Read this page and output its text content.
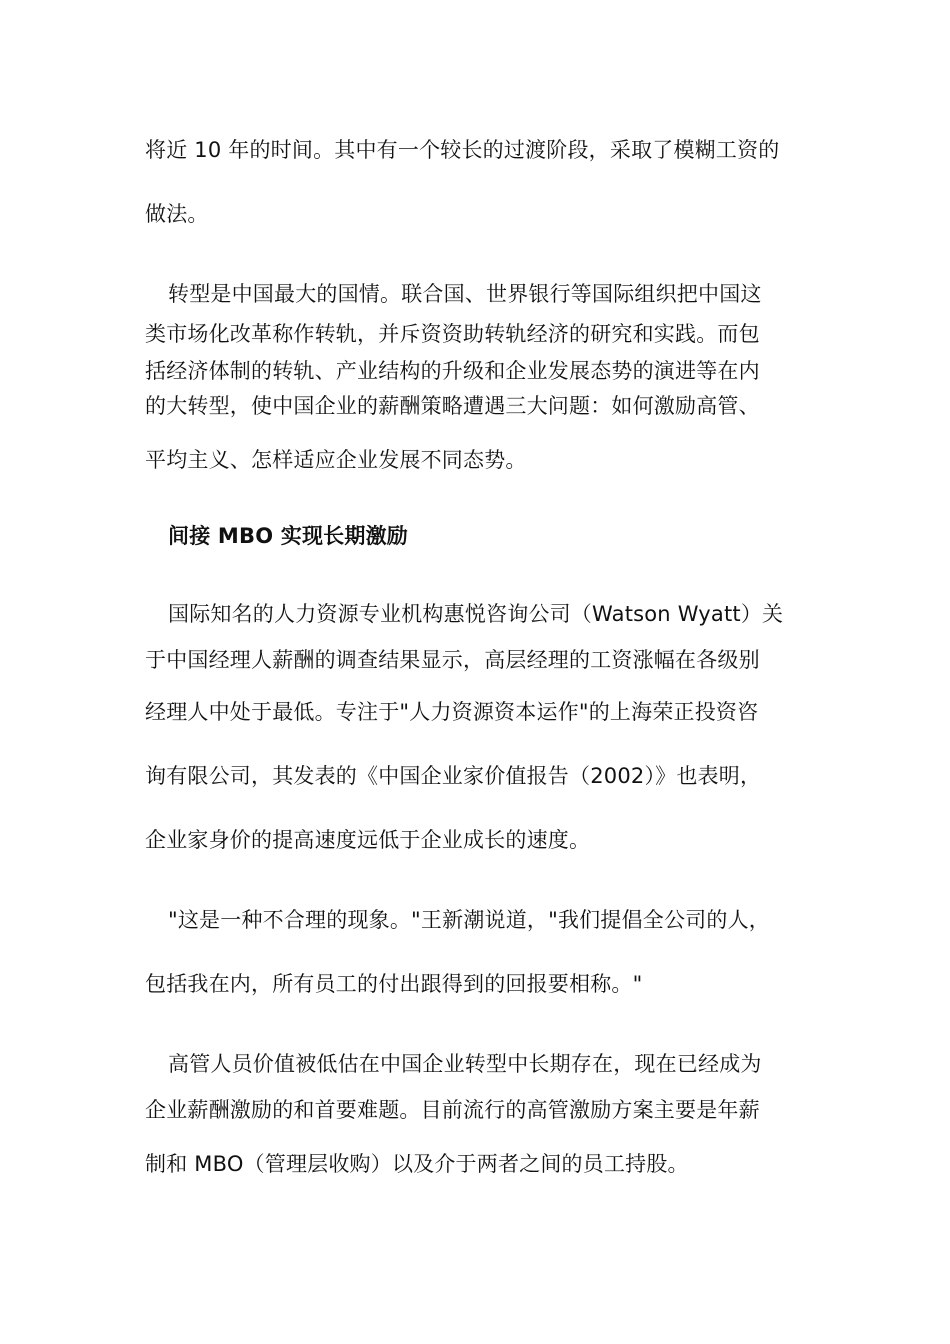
将近 10 年的时间。其中有一个较长的过渡阶段，采取了模糊工资的
做法。
转型是中国最大的国情。联合国、世界银行等国际组织把中国这
类市场化改革称作转轨，并斥资资助转轨经济的研究和实践。而包
括经济体制的转轨、产业结构的升级和企业发展态势的演进等在内
的大转型，使中国企业的薪酬策略遭遇三大问题：如何激励高管、
平均主义、怎样适应企业发展不同态势。
间接 MBO 实现长期激励
国际知名的人力资源专业机构惠悦咨询公司（Watson Wyatt）关
于中国经理人薪酬的调查结果显示，高层经理的工资涨幅在各级别
经理人中处于最低。专注于"人力资源资本运作"的上海荣正投资咨
询有限公司，其发表的《中国企业家价值报告（2002）》也表明，
企业家身价的提高速度远低于企业成长的速度。
"这是一种不合理的现象。"王新潮说道，"我们提倡全公司的人，
包括我在内，所有员工的付出跟得到的回报要相称。"
高管人员价值被低估在中国企业转型中长期存在，现在已经成为
企业薪酬激励的和首要难题。目前流行的高管激励方案主要是年薪
制和 MBO（管理层收购）以及介于两者之间的员工持股。
